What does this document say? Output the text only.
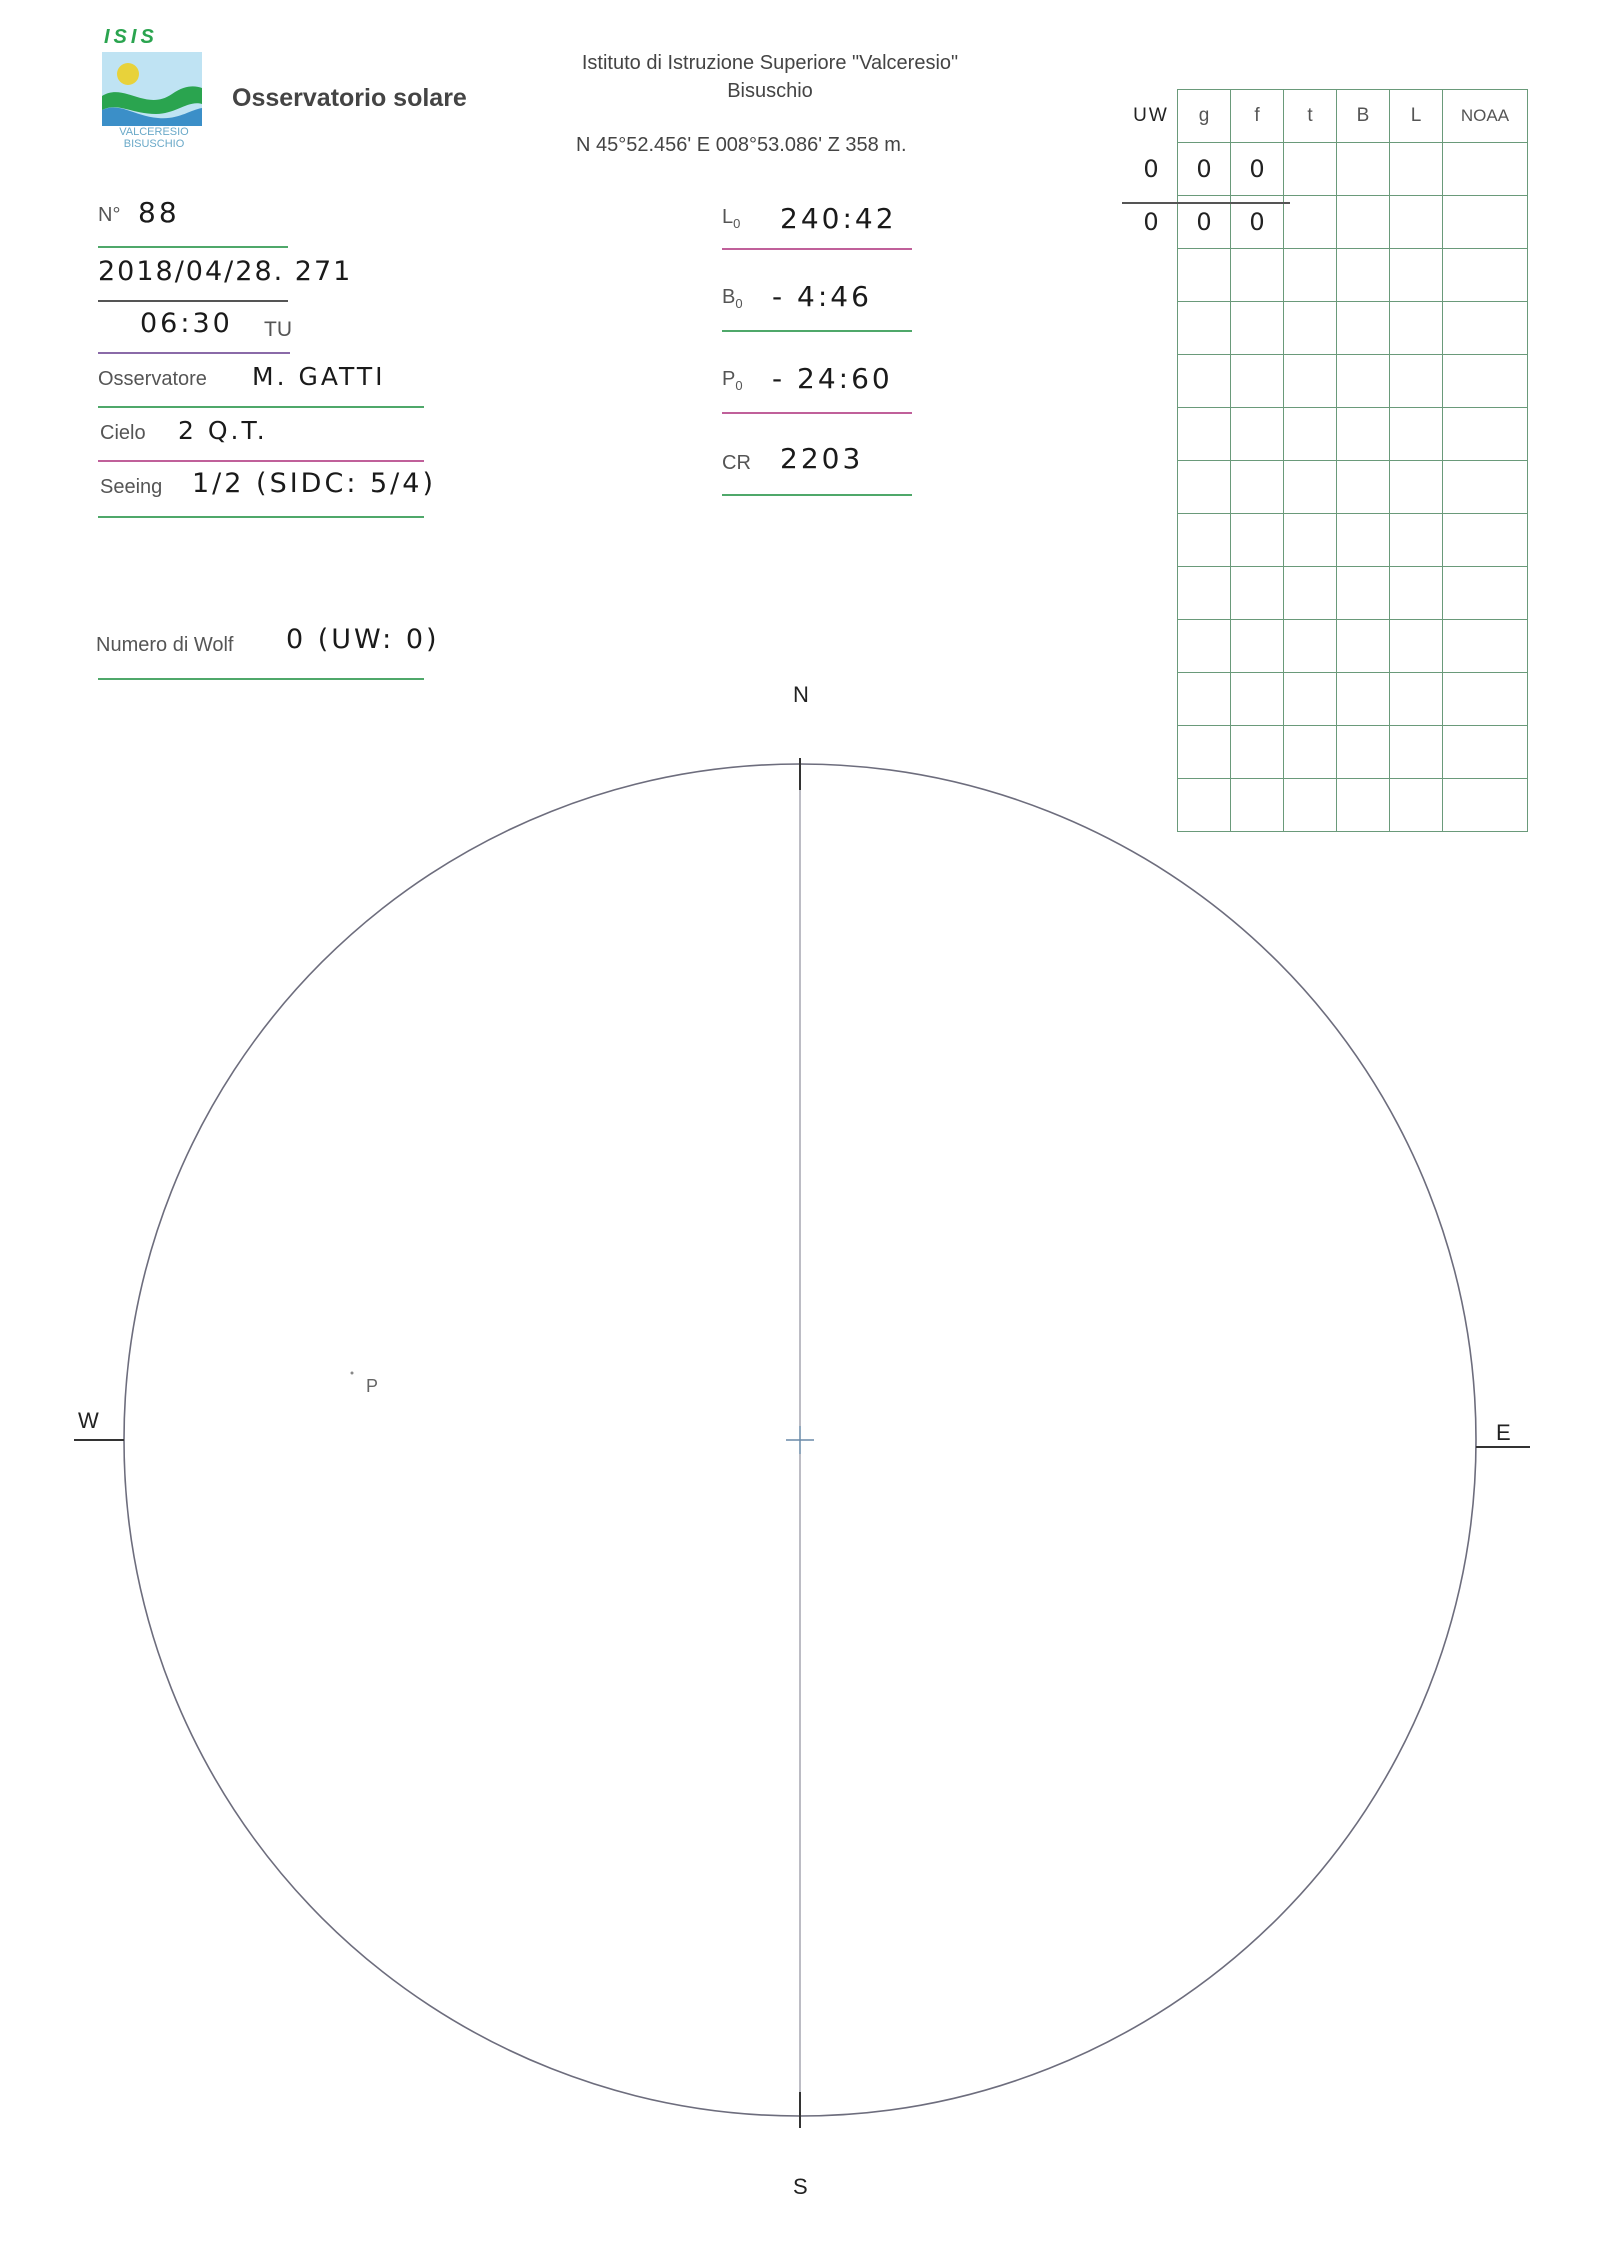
ISIS
VALCERESIO
BISUSCHIO
Osservatorio solare
Istituto di Istruzione Superiore "Valceresio"
Bisuschio
N 45°52.456' E 008°53.086' Z 358 m.
N° 88
2018/04/28. 271
06:30 TU
Osservatore M. GATTI
Cielo 2 Q.T.
Seeing 1/2 (SIDC: 5/4)
Numero di Wolf 0 (UW: 0)
$L_0$ 240:42
$B_0$ - 4:46
$P_0$ - 24:60
CR 2203
UW	g	f	t	B	L	NOAA
0	0	0				
0	0	0				

N
S
W	E
P
